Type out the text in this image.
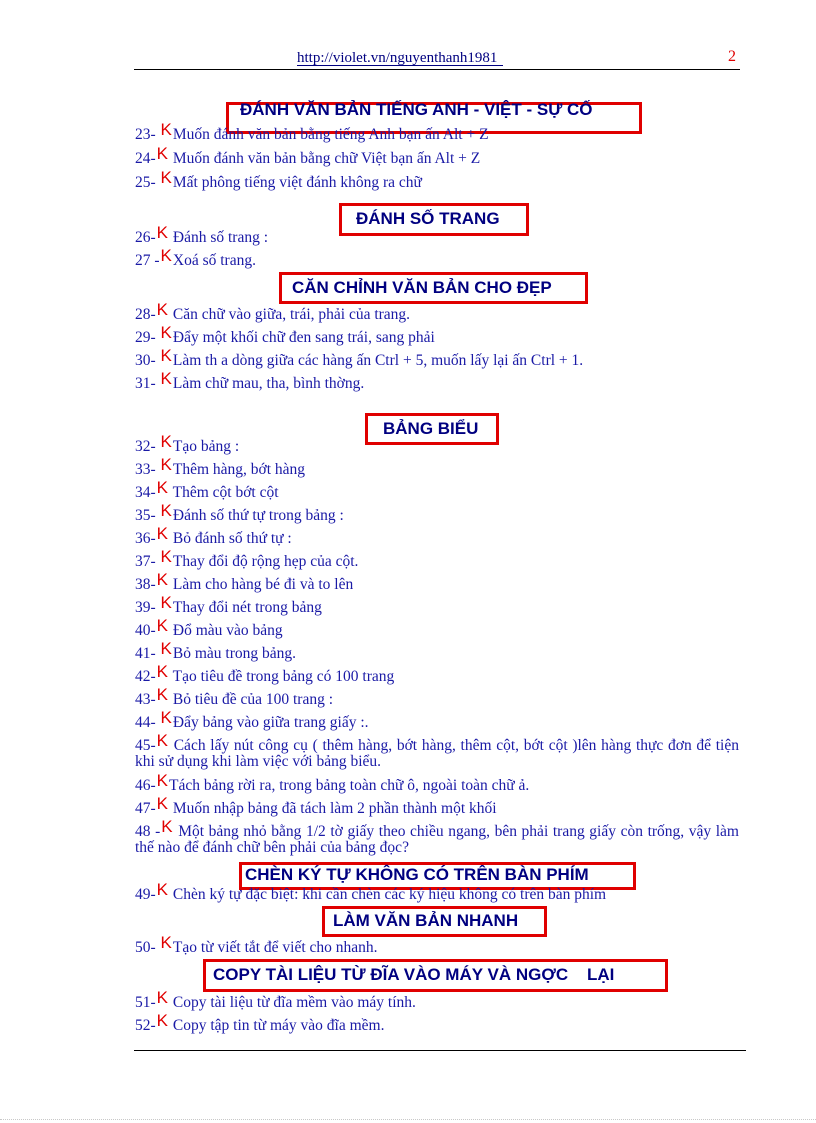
http://violet.vn/nguyenthanh1981	2
ĐÁNH VĂN BẢN TIẾNG ANH - VIỆT - SỰ CỐ
23- KMuốn đánh văn bản bằng tiếng Anh bạn ấn Alt + Z
24-K Muốn đánh văn bản bằng chữ Việt bạn ấn Alt + Z
25- KMất phông tiếng việt đánh không ra chữ
ĐÁNH SỐ TRANG
26-K Đánh số trang :
27 -KXoá số trang.
CĂN CHỈNH VĂN BẢN CHO ĐẸP
28-K Căn chữ vào giữa, trái, phải của trang.
29- KĐẩy một khối chữ đen sang trái, sang phải
30- KLàm th a dòng giữa các hàng ấn Ctrl + 5, muốn lấy lại ấn Ctrl + 1.
31- KLàm chữ mau, tha, bình thờng.
BẢNG BIỂU
32- KTạo bảng :
33- KThêm hàng, bớt hàng
34-K Thêm cột bớt cột
35- KĐánh số thứ tự trong bảng :
36-K Bỏ đánh số thứ tự :
37- KThay đổi độ rộng hẹp của cột.
38-K Làm cho hàng bé đi và to lên
39- KThay đổi nét trong bảng
40-K Đổ màu vào bảng
41- KBỏ màu trong bảng.
42-K Tạo tiêu đề trong bảng có 100 trang
43-K Bỏ tiêu đề của 100 trang :
44- KĐẩy bảng vào giữa trang giấy :.
45-K Cách lấy nút công cụ ( thêm hàng, bớt hàng, thêm cột, bớt cột )lên hàng thực đơn để tiện khi sử dụng khi làm việc với bảng biểu.
46-KTách bảng rời ra, trong bảng toàn chữ ô, ngoài toàn chữ ả.
47-K Muốn nhập bảng đã tách làm 2 phần thành một khối
48 -K Một bảng nhỏ bằng 1/2 tờ giấy theo chiều ngang, bên phải trang giấy còn trống, vậy làm thế nào để đánh chữ bên phải của bảng đọc?
CHÈN KÝ TỰ KHÔNG CÓ TRÊN BÀN PHÍM
49-K Chèn ký tự đặc biệt: khi cần chèn các ký hiệu không có trên bàn phím
LÀM VĂN BẢN NHANH
50- KTạo từ viết tắt để viết cho nhanh.
COPY TÀI LIỆU TỪ ĐĨA VÀO MÁY VÀ NGỢC    LẠI
51-K Copy tài liệu từ đĩa mềm vào máy tính.
52-K Copy tập tin từ máy vào đĩa mềm.
